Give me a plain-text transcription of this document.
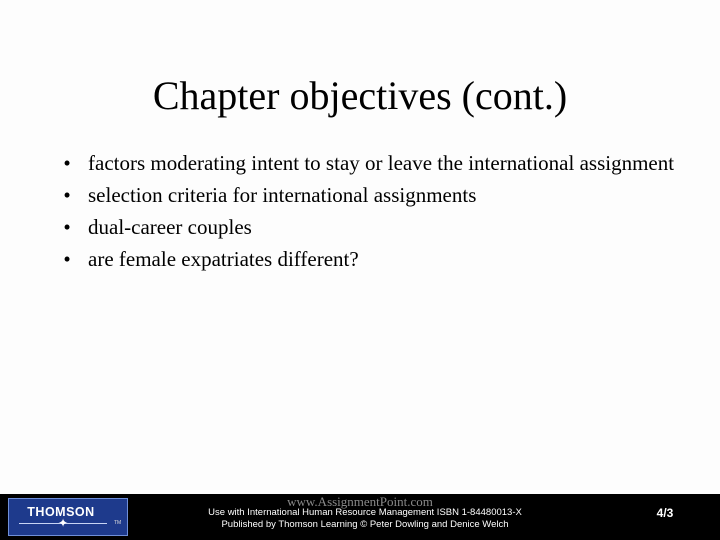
Chapter objectives (cont.)
• factors moderating intent to stay or leave the international assignment
• selection criteria for international assignments
• dual-career couples
• are female expatriates different?
THOMSON
✦	TM
Use with International Human Resource Management ISBN 1-84480013-X
Published by Thomson Learning © Peter Dowling and Denice Welch
www.AssignmentPoint.com
4/3
